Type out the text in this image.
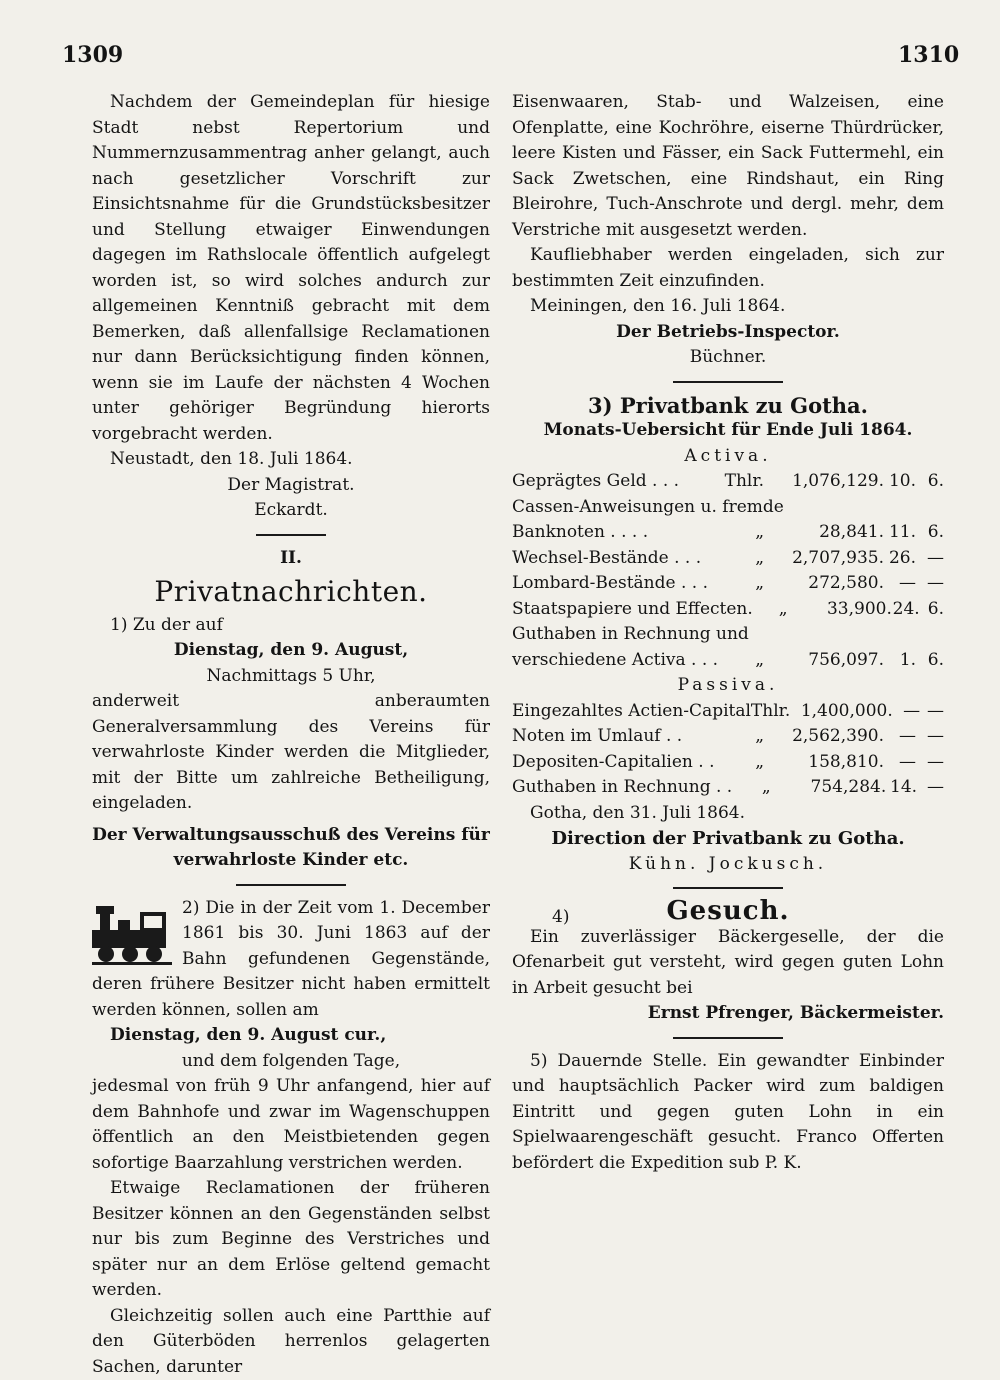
1309	1310

Nachdem der Gemeindeplan für hiesige Stadt nebst Repertorium und Nummernzusammentrag anher gelangt, auch nach gesetzlicher Vorschrift zur Einsichtsnahme für die Grundstücksbesitzer und Stellung etwaiger Einwendungen dagegen im Rathslocale öffentlich aufgelegt worden ist, so wird solches andurch zur allgemeinen Kenntniß gebracht mit dem Bemerken, daß allenfallsige Reclamationen nur dann Berücksichtigung finden können, wenn sie im Laufe der nächsten 4 Wochen unter gehöriger Begründung hierorts vorgebracht werden.

Neustadt, den 18. Juli 1864.

Der Magistrat.

Eckardt.

II.

Privatnachrichten.

1) Zu der auf

Dienstag, den 9. August,

Nachmittags 5 Uhr,

anderweit anberaumten Generalversammlung des Vereins für verwahrloste Kinder werden die Mitglieder, mit der Bitte um zahlreiche Betheiligung, eingeladen.

Der Verwaltungsausschuß des Vereins für verwahrloste Kinder etc.

2) Die in der Zeit vom 1. December 1861 bis 30. Juni 1863 auf der Bahn gefundenen Gegenstände, deren frühere Besitzer nicht haben ermittelt werden können, sollen am

Dienstag, den 9. August cur.,

und dem folgenden Tage,

jedesmal von früh 9 Uhr anfangend, hier auf dem Bahnhofe und zwar im Wagenschuppen öffentlich an den Meistbietenden gegen sofortige Baarzahlung verstrichen werden.

Etwaige Reclamationen der früheren Besitzer können an den Gegenständen selbst nur bis zum Beginne des Verstriches und später nur an dem Erlöse geltend gemacht werden.

Gleichzeitig sollen auch eine Partthie auf den Güterböden herrenlos gelagerten Sachen, darunter

Eisenwaaren, Stab- und Walzeisen, eine Ofenplatte, eine Kochröhre, eiserne Thürdrücker, leere Kisten und Fässer, ein Sack Futtermehl, ein Sack Zwetschen, eine Rindshaut, ein Ring Bleirohre, Tuch-Anschrote und dergl. mehr, dem Verstriche mit ausgesetzt werden.

Kaufliebhaber werden eingeladen, sich zur bestimmten Zeit einzufinden.

Meiningen, den 16. Juli 1864.

Der Betriebs-Inspector.

Büchner.

3) Privatbank zu Gotha.

Monats-Uebersicht für Ende Juli 1864.

Activa.

Geprägtes Geld . . .	Thlr.	1,076,129. 10. 6.
Cassen-Anweisungen u. fremde
Banknoten . . . .	„	28,841. 11. 6.
Wechsel-Bestände . . .	„	2,707,935. 26. —
Lombard-Bestände . . .	„	272,580. — —
Staatspapiere und Effecten.	„	33,900. 24. 6.
Guthaben in Rechnung und
verschiedene Activa . . .	„	756,097. 1. 6.

Passiva.

Eingezahltes Actien-Capital Thlr. 1,400,000. — —
Noten im Umlauf . .	„	2,562,390. — —
Depositen-Capitalien . .	„	158,810. — —
Guthaben in Rechnung . .	„	754,284. 14. —

Gotha, den 31. Juli 1864.

Direction der Privatbank zu Gotha.

Kühn. Jockusch.

4)	Gesuch.

Ein zuverlässiger Bäckergeselle, der die Ofenarbeit gut versteht, wird gegen guten Lohn in Arbeit gesucht bei

Ernst Pfrenger, Bäckermeister.

5) Dauernde Stelle. Ein gewandter Einbinder und hauptsächlich Packer wird zum baldigen Eintritt und gegen guten Lohn in ein Spielwaarengeschäft gesucht. Franco Offerten befördert die Expedition sub P. K.
